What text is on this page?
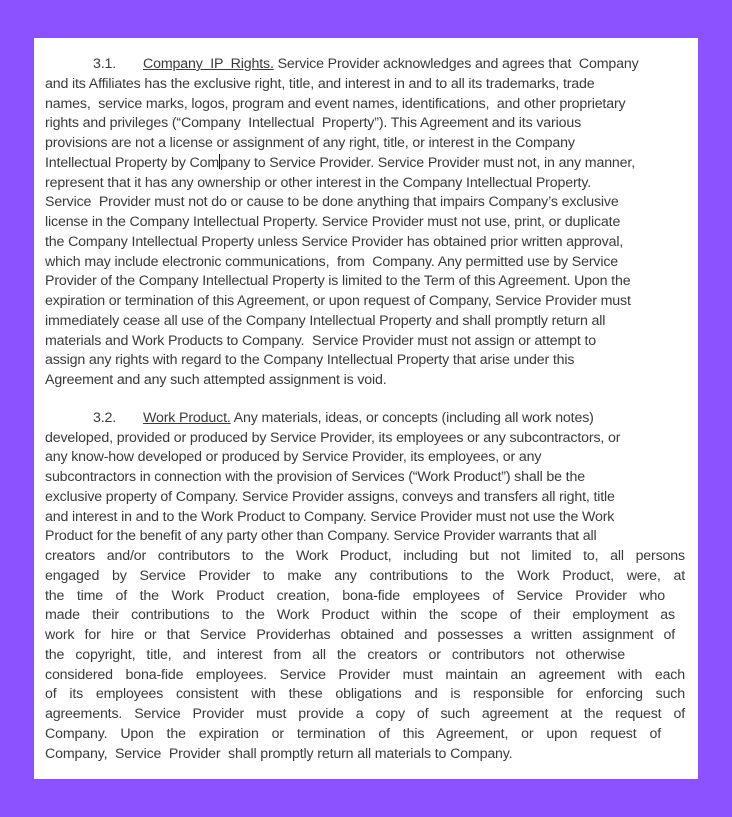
3.1. Company  IP  Rights. Service Provider acknowledges and agrees that  Company
and its Affiliates has the exclusive right, title, and interest in and to all its trademarks, trade
names,  service marks, logos, program and event names, identifications,  and other proprietary
rights and privileges (“Company  Intellectual  Property”). This Agreement and its various
provisions are not a license or assignment of any right, title, or interest in the Company
Intellectual Property by Company to Service Provider. Service Provider must not, in any manner,
represent that it has any ownership or other interest in the Company Intellectual Property.
Service  Provider must not do or cause to be done anything that impairs Company’s exclusive
license in the Company Intellectual Property. Service Provider must not use, print, or duplicate
the Company Intellectual Property unless Service Provider has obtained prior written approval,
which may include electronic communications,  from  Company. Any permitted use by Service
Provider of the Company Intellectual Property is limited to the Term of this Agreement. Upon the
expiration or termination of this Agreement, or upon request of Company, Service Provider must
immediately cease all use of the Company Intellectual Property and shall promptly return all
materials and Work Products to Company.  Service Provider must not assign or attempt to
assign any rights with regard to the Company Intellectual Property that arise under this
Agreement and any such attempted assignment is void.
3.2. Work Product. Any materials, ideas, or concepts (including all work notes)
developed, provided or produced by Service Provider, its employees or any subcontractors, or
any know-how developed or produced by Service Provider, its employees, or any
subcontractors in connection with the provision of Services (“Work Product”) shall be the
exclusive property of Company. Service Provider assigns, conveys and transfers all right, title
and interest in and to the Work Product to Company. Service Provider must not use the Work
Product for the benefit of any party other than Company. Service Provider warrants that all
creators and/or contributors to the Work Product, including but not limited to, all persons
engaged by Service Provider to make any contributions to the Work Product, were, at
the time of the Work Product creation, bona-fide employees of Service Provider who
made their contributions to the Work Product within the scope of their employment as
work for hire or that Service Providerhas obtained and possesses a written assignment of
the copyright, title, and interest from all the creators or contributors not otherwise
considered bona-fide employees. Service Provider must maintain an agreement with each
of its employees consistent with these obligations and is responsible for enforcing such
agreements. Service Provider must provide a copy of such agreement at the request of
Company. Upon the expiration or termination of this Agreement, or upon request of
Company,  Service  Provider  shall promptly return all materials to Company.
